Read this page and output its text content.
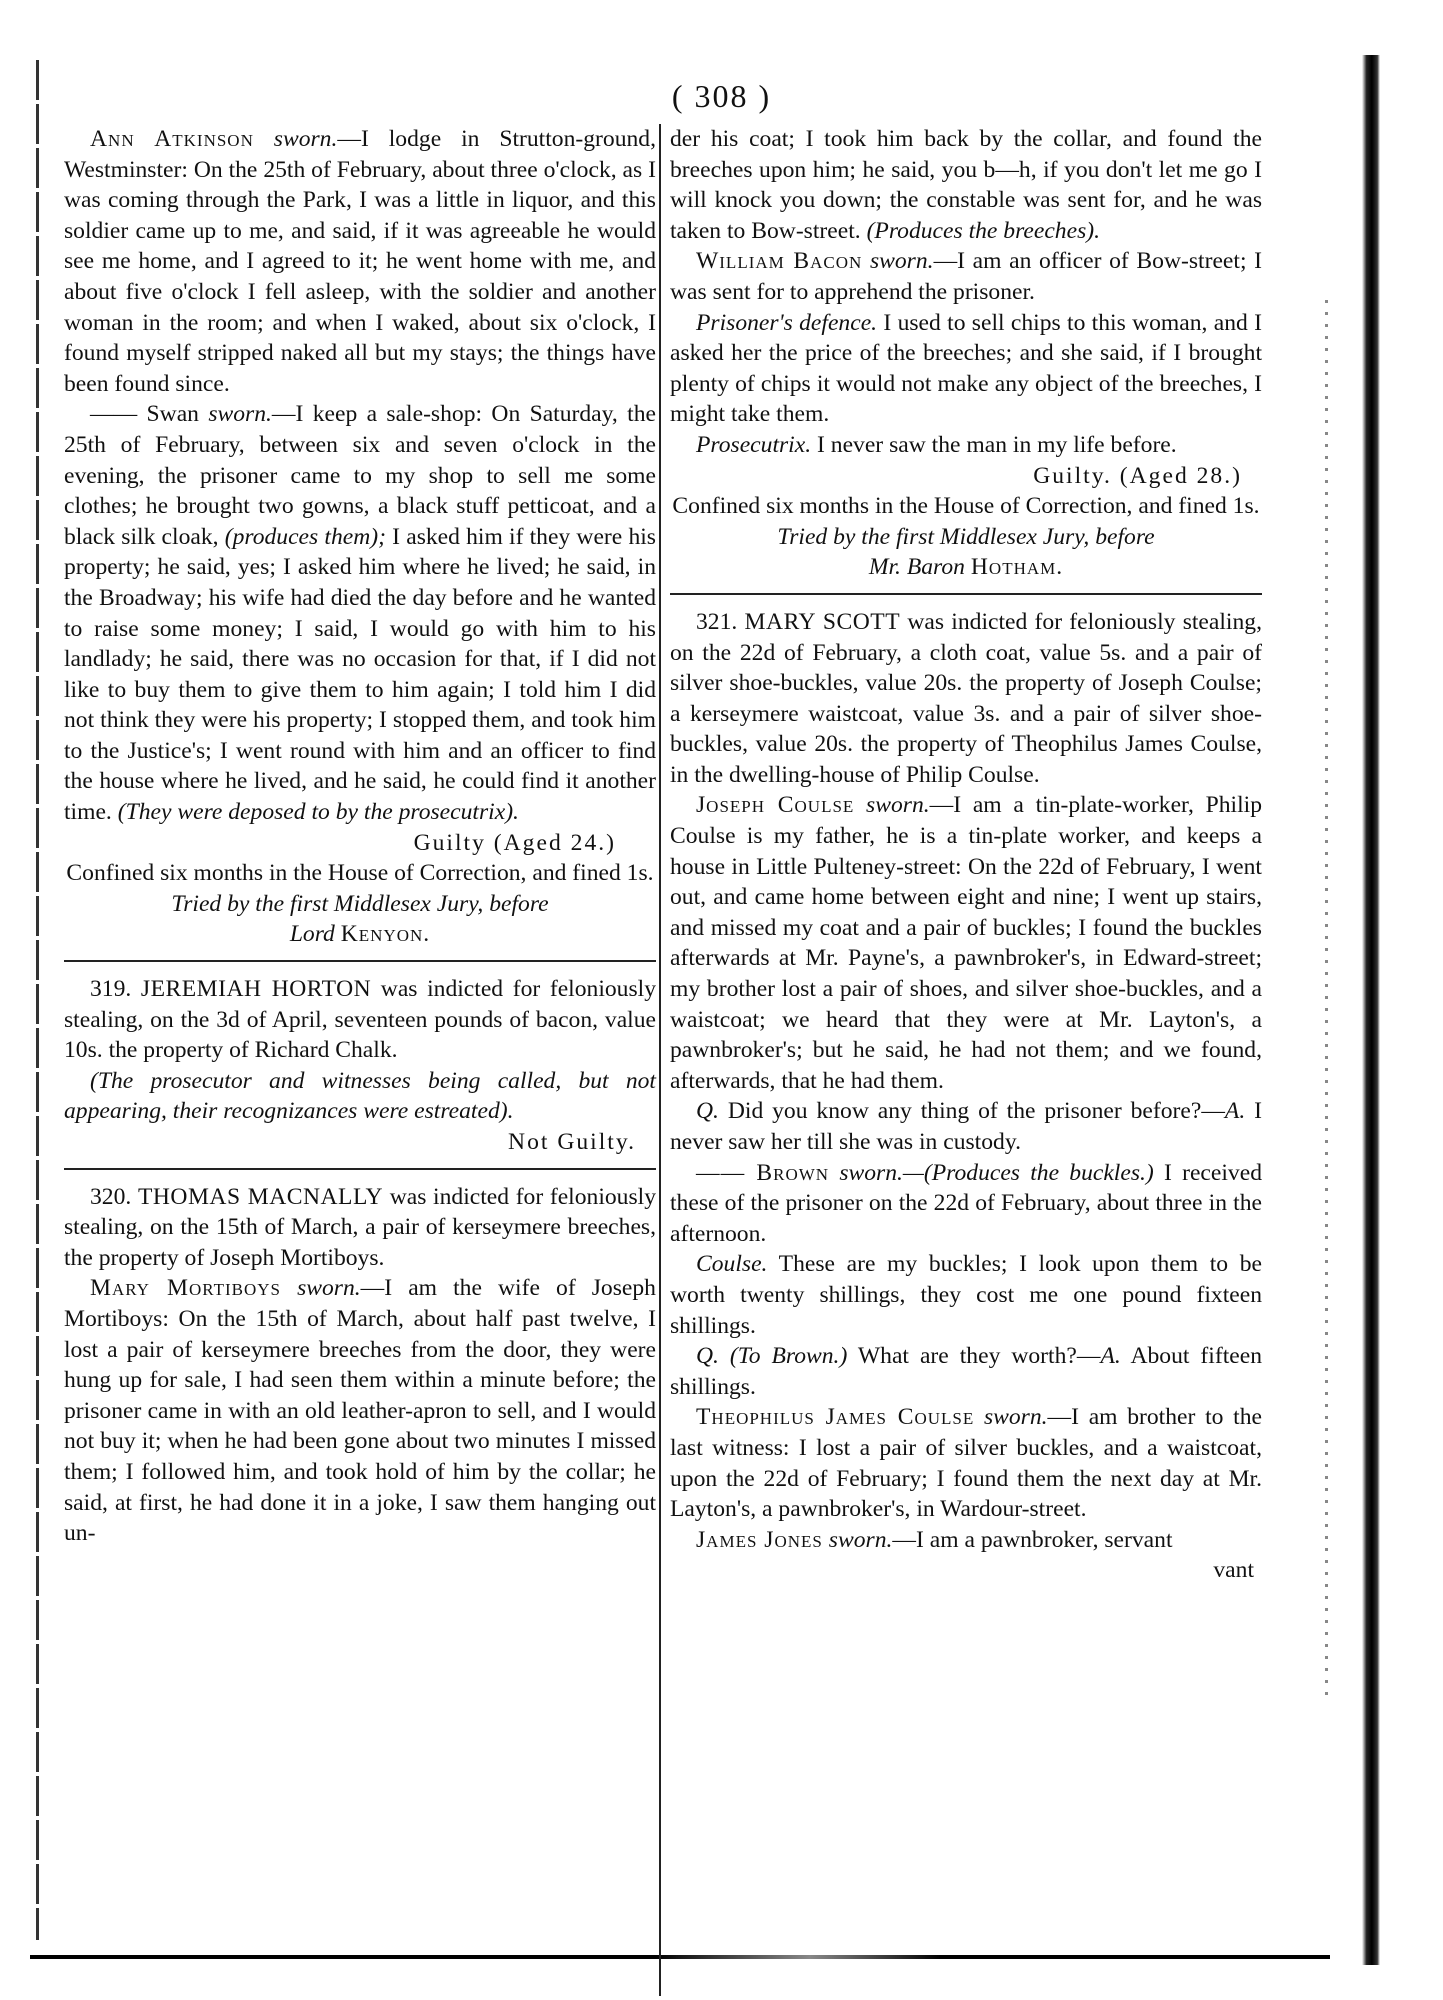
( 308 )

Ann Atkinson sworn.—I lodge in Strutton-ground, Westminster: On the 25th of February, about three o'clock, as I was coming through the Park, I was a little in liquor, and this soldier came up to me, and said, if it was agreeable he would see me home, and I agreed to it; he went home with me, and about five o'clock I fell asleep, with the soldier and another woman in the room; and when I waked, about six o'clock, I found myself stripped naked all but my stays; the things have been found since.

—— Swan sworn.—I keep a sale-shop: On Saturday, the 25th of February, between six and seven o'clock in the evening, the prisoner came to my shop to sell me some clothes; he brought two gowns, a black stuff petticoat, and a black silk cloak, (produces them); I asked him if they were his property; he said, yes; I asked him where he lived; he said, in the Broadway; his wife had died the day before and he wanted to raise some money; I said, I would go with him to his landlady; he said, there was no occasion for that, if I did not like to buy them to give them to him again; I told him I did not think they were his property; I stopped them, and took him to the Justice's; I went round with him and an officer to find the house where he lived, and he said, he could find it another time. (They were deposed to by the prosecutrix).

Guilty (Aged 24.)

Confined six months in the House of Correction, and fined 1s.

Tried by the first Middlesex Jury, before

Lord Kenyon.

319. JEREMIAH HORTON was indicted for feloniously stealing, on the 3d of April, seventeen pounds of bacon, value 10s. the property of Richard Chalk.

(The prosecutor and witnesses being called, but not appearing, their recognizances were estreated).

Not Guilty.

320. THOMAS MACNALLY was indicted for feloniously stealing, on the 15th of March, a pair of kerseymere breeches, the property of Joseph Mortiboys.

Mary Mortiboys sworn.—I am the wife of Joseph Mortiboys: On the 15th of March, about half past twelve, I lost a pair of kerseymere breeches from the door, they were hung up for sale, I had seen them within a minute before; the prisoner came in with an old leather-apron to sell, and I would not buy it; when he had been gone about two minutes I missed them; I followed him, and took hold of him by the collar; he said, at first, he had done it in a joke, I saw them hanging out un-

der his coat; I took him back by the collar, and found the breeches upon him; he said, you b—h, if you don't let me go I will knock you down; the constable was sent for, and he was taken to Bow-street. (Produces the breeches).

William Bacon sworn.—I am an officer of Bow-street; I was sent for to apprehend the prisoner.

Prisoner's defence. I used to sell chips to this woman, and I asked her the price of the breeches; and she said, if I brought plenty of chips it would not make any object of the breeches, I might take them.

Prosecutrix. I never saw the man in my life before.

Guilty. (Aged 28.)

Confined six months in the House of Correction, and fined 1s.

Tried by the first Middlesex Jury, before

Mr. Baron Hotham.

321. MARY SCOTT was indicted for feloniously stealing, on the 22d of February, a cloth coat, value 5s. and a pair of silver shoe-buckles, value 20s. the property of Joseph Coulse; a kerseymere waistcoat, value 3s. and a pair of silver shoe-buckles, value 20s. the property of Theophilus James Coulse, in the dwelling-house of Philip Coulse.

Joseph Coulse sworn.—I am a tin-plate-worker, Philip Coulse is my father, he is a tin-plate worker, and keeps a house in Little Pulteney-street: On the 22d of February, I went out, and came home between eight and nine; I went up stairs, and missed my coat and a pair of buckles; I found the buckles afterwards at Mr. Payne's, a pawnbroker's, in Edward-street; my brother lost a pair of shoes, and silver shoe-buckles, and a waistcoat; we heard that they were at Mr. Layton's, a pawnbroker's; but he said, he had not them; and we found, afterwards, that he had them.

Q. Did you know any thing of the prisoner before?—A. I never saw her till she was in custody.

—— Brown sworn.—(Produces the buckles.) I received these of the prisoner on the 22d of February, about three in the afternoon.

Coulse. These are my buckles; I look upon them to be worth twenty shillings, they cost me one pound fixteen shillings.

Q. (To Brown.) What are they worth?—A. About fifteen shillings.

Theophilus James Coulse sworn.—I am brother to the last witness: I lost a pair of silver buckles, and a waistcoat, upon the 22d of February; I found them the next day at Mr. Layton's, a pawnbroker's, in Wardour-street.

James Jones sworn.—I am a pawnbroker, servant

vant
